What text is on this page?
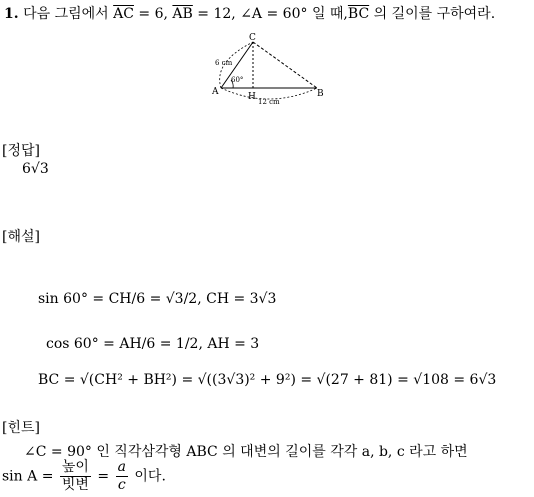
1. 다음 그림에서 $\overline{AC} = 6$, $\overline{AB} = 12$, ∠A = 60° 일 때$,\overline{BC}$ 의 길이를 구하여라.
C
A	B
H
6 cm
12 cm
60°
[정답]
6√3
[해설]
sin 60° = CH/6 = √3/2, CH = 3√3
cos 60° = AH/6 = 1/2, AH = 3
BC = √(CH² + BH²) = √((3√3)² + 9²) = √(27 + 81) = √108 = 6√3
[힌트]
∠C = 90° 인 직각삼각형 ABC 의 대변의 길이를 각각 a, b, c 라고 하면
$\sin A = \frac{\text{높이}}{\text{빗변}} = \frac{a}{c}$ 이다.
